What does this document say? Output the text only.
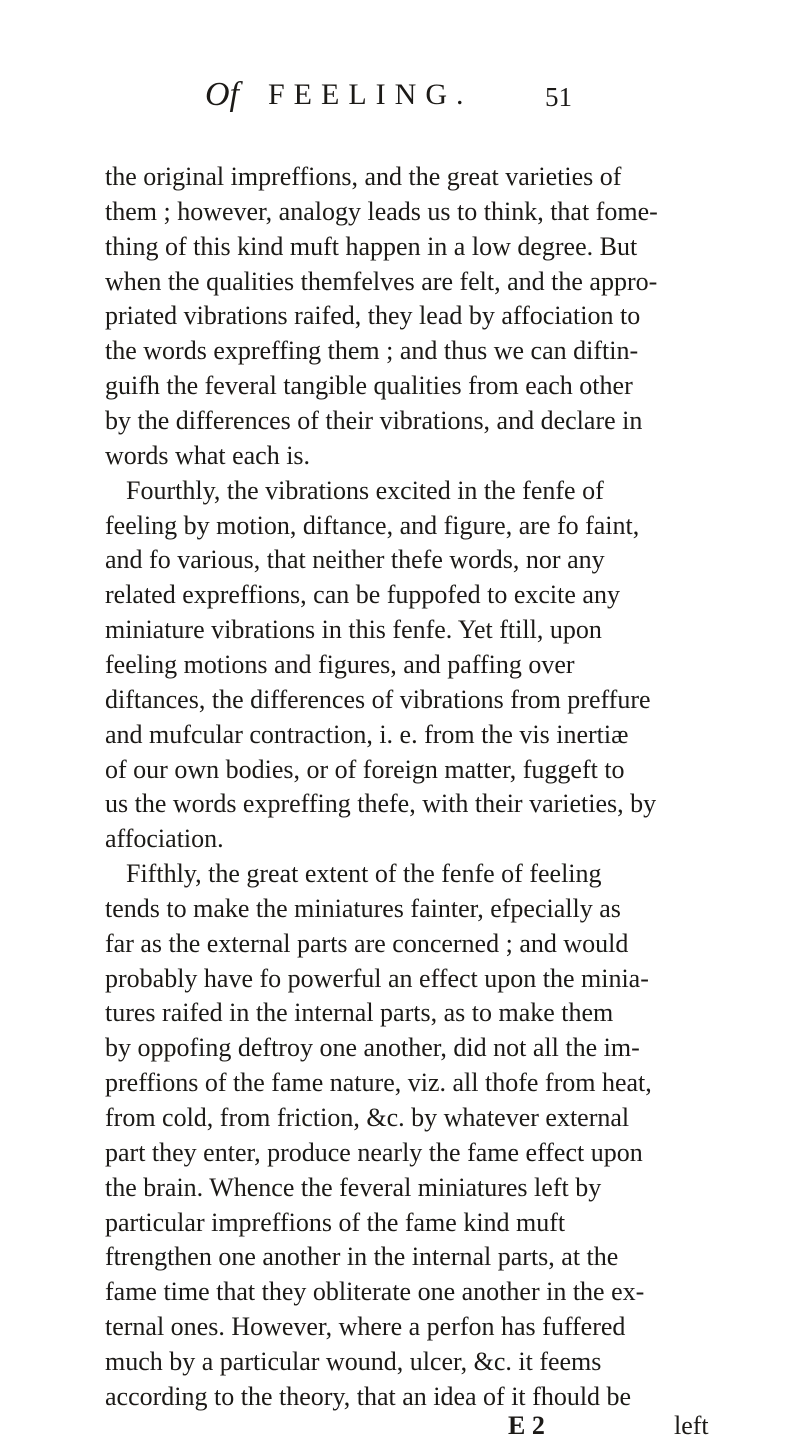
Of FEELING.	51
the original impreffions, and the great varieties of
them ; however, analogy leads us to think, that fome-
thing of this kind muft happen in a low degree. But
when the qualities themfelves are felt, and the appro-
priated vibrations raifed, they lead by affociation to
the words expreffing them ; and thus we can diftin-
guifh the feveral tangible qualities from each other
by the differences of their vibrations, and declare in
words what each is.
Fourthly, the vibrations excited in the fenfe of
feeling by motion, diftance, and figure, are fo faint,
and fo various, that neither thefe words, nor any
related expreffions, can be fuppofed to excite any
miniature vibrations in this fenfe. Yet ftill, upon
feeling motions and figures, and paffing over
diftances, the differences of vibrations from preffure
and mufcular contraction, i. e. from the vis inertiæ
of our own bodies, or of foreign matter, fuggeft to
us the words expreffing thefe, with their varieties, by
affociation.
Fifthly, the great extent of the fenfe of feeling
tends to make the miniatures fainter, efpecially as
far as the external parts are concerned ; and would
probably have fo powerful an effect upon the minia-
tures raifed in the internal parts, as to make them
by oppofing deftroy one another, did not all the im-
preffions of the fame nature, viz. all thofe from heat,
from cold, from friction, &c. by whatever external
part they enter, produce nearly the fame effect upon
the brain. Whence the feveral miniatures left by
particular impreffions of the fame kind muft
ftrengthen one another in the internal parts, at the
fame time that they obliterate one another in the ex-
ternal ones. However, where a perfon has fuffered
much by a particular wound, ulcer, &c. it feems
according to the theory, that an idea of it fhould be
E 2	left
